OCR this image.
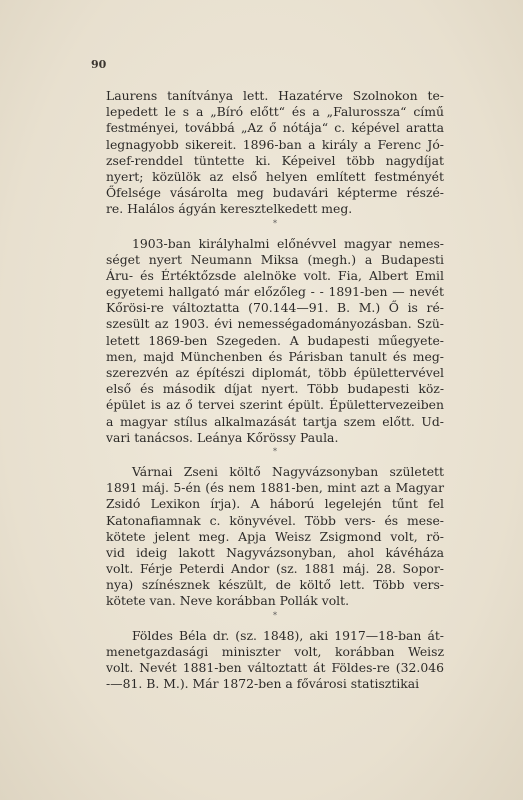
90
Laurens tanítványa lett. Hazatérve Szolnokon te-
lepedett le s a „Bíró előtt“ és a „Falurossza“ című
festményei, továbbá „Az ő nótája“ c. képével aratta
legnagyobb sikereit. 1896-ban a király a Ferenc Jó-
zsef-renddel tüntette ki. Képeivel több nagydíjat
nyert; közülök az első helyen említett festményét
Őfelsége vásárolta meg budavári képterme részé-
re. Halálos ágyán keresztelkedett meg.
*
1903-ban királyhalmi előnévvel magyar nemes-
séget nyert Neumann Miksa (megh.) a Budapesti
Áru- és Értéktőzsde alelnöke volt. Fia, Albert Emil
egyetemi hallgató már előzőleg - - 1891-ben — nevét
Kőrösi-re változtatta (70.144—91. B. M.) Ő is ré-
szesült az 1903. évi nemességadományozásban. Szü-
letett 1869-ben Szegeden. A budapesti műegyete-
men, majd Münchenben és Párisban tanult és meg-
szerezvén az építészi diplomát, több épülettervével
első és második díjat nyert. Több budapesti köz-
épület is az ő tervei szerint épült. Épülettervezeiben
a magyar stílus alkalmazását tartja szem előtt. Ud-
vari tanácsos. Leánya Kőrössy Paula.
*
Várnai Zseni költő Nagyvázsonyban született
1891 máj. 5-én (és nem 1881-ben, mint azt a Magyar
Zsidó Lexikon írja). A háború legelején tűnt fel
Katonafiamnak c. könyvével. Több vers- és mese-
kötete jelent meg. Apja Weisz Zsigmond volt, rö-
vid ideig lakott Nagyvázsonyban, ahol kávéháza
volt. Férje Peterdi Andor (sz. 1881 máj. 28. Sopor-
nya) színésznek készült, de költő lett. Több vers-
kötete van. Neve korábban Pollák volt.
*
Földes Béla dr. (sz. 1848), aki 1917—18-ban át-
menetgazdasági miniszter volt, korábban Weisz
volt. Nevét 1881-ben változtatt át Földes-re (32.046
-—81. B. M.). Már 1872-ben a fővárosi statisztikai
